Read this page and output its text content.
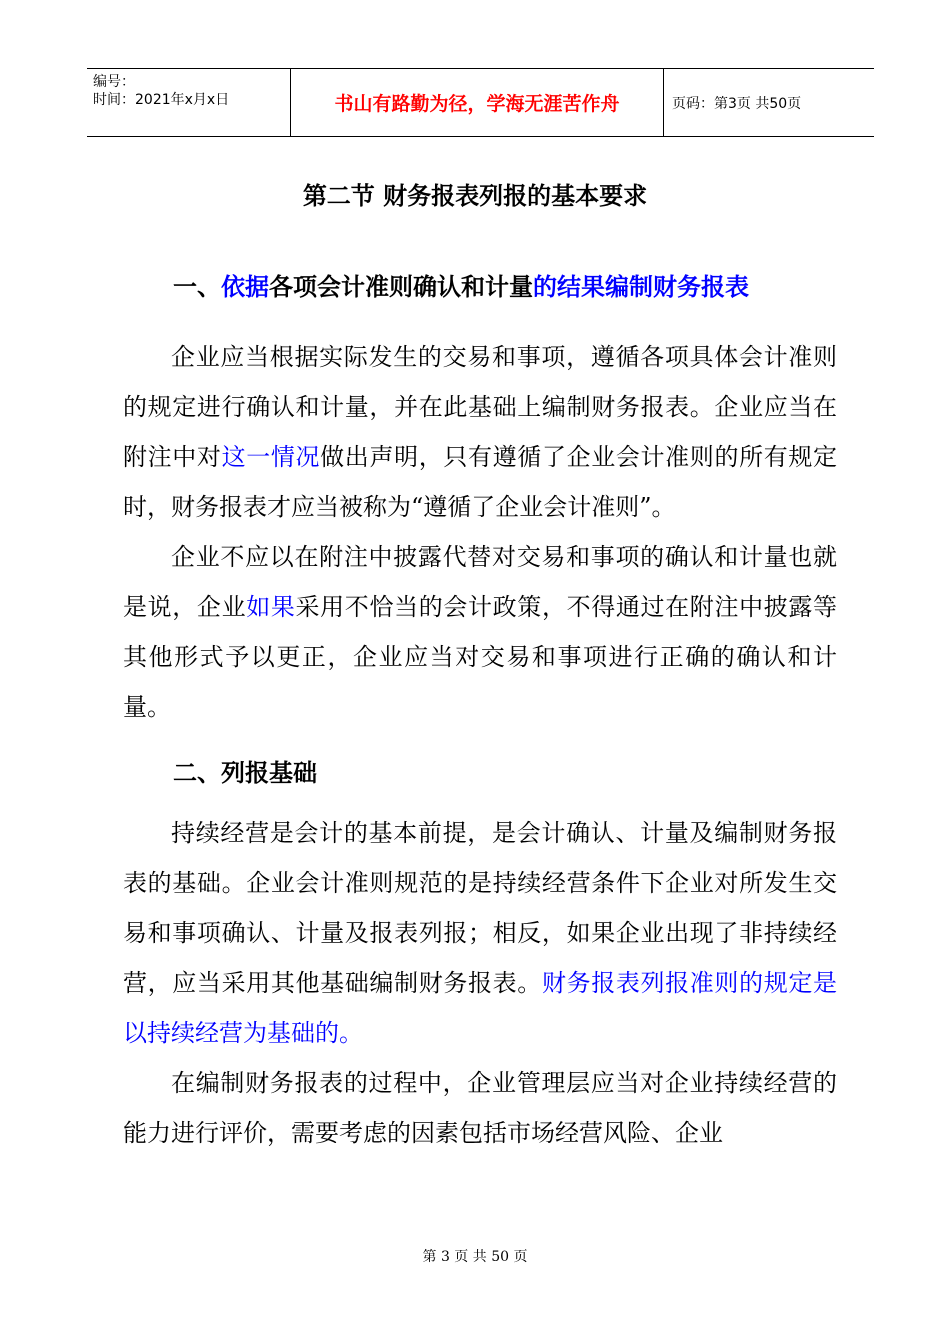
编号：
时间：2021年x月x日	书山有路勤为径，学海无涯苦作舟	页码：第3页 共50页
第二节 财务报表列报的基本要求
一、依据各项会计准则确认和计量的结果编制财务报表

企业应当根据实际发生的交易和事项，遵循各项具体会计准则的规定进行确认和计量，并在此基础上编制财务报表。企业应当在附注中对这一情况做出声明，只有遵循了企业会计准则的所有规定时，财务报表才应当被称为“遵循了企业会计准则”。

企业不应以在附注中披露代替对交易和事项的确认和计量也就是说，企业如果采用不恰当的会计政策，不得通过在附注中披露等其他形式予以更正，企业应当对交易和事项进行正确的确认和计量。

二、列报基础

持续经营是会计的基本前提，是会计确认、计量及编制财务报表的基础。企业会计准则规范的是持续经营条件下企业对所发生交易和事项确认、计量及报表列报；相反，如果企业出现了非持续经营，应当采用其他基础编制财务报表。财务报表列报准则的规定是以持续经营为基础的。

在编制财务报表的过程中，企业管理层应当对企业持续经营的能力进行评价，需要考虑的因素包括市场经营风险、企业

第 3 页 共 50 页
